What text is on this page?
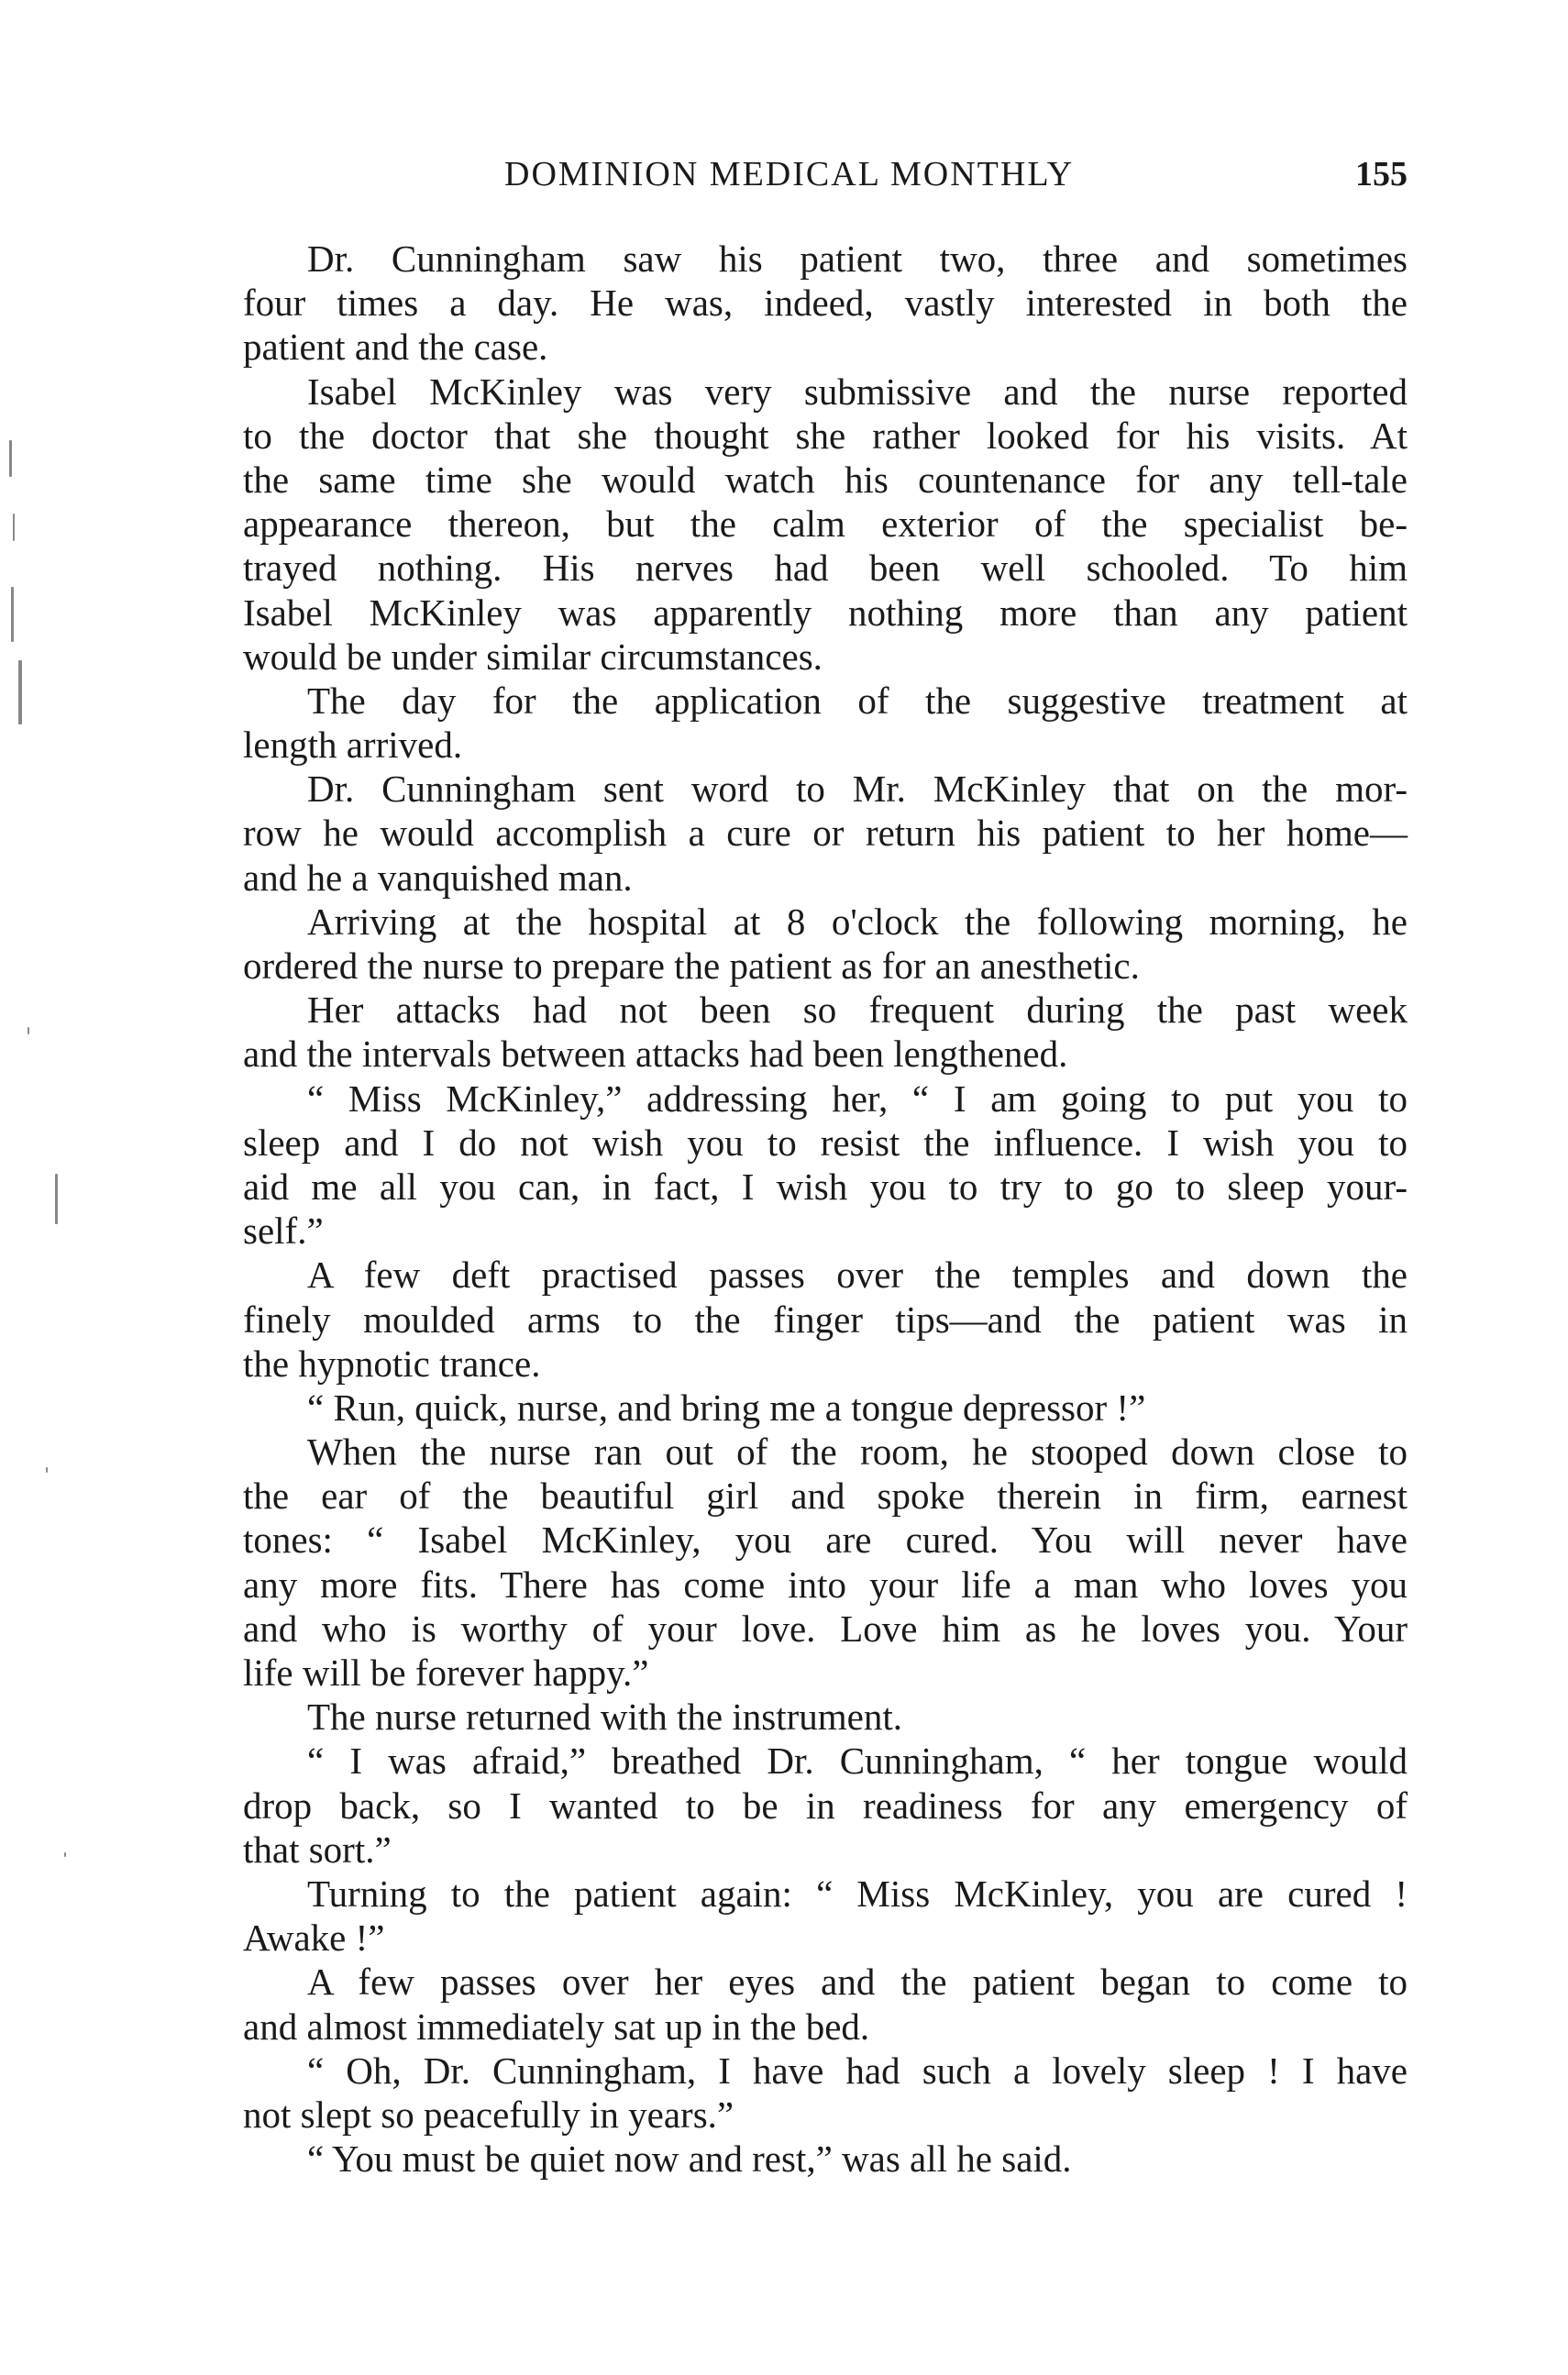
DOMINION MEDICAL MONTHLY	155
Dr. Cunningham saw his patient two, three and sometimes
four times a day. He was, indeed, vastly interested in both the
patient and the case.
Isabel McKinley was very submissive and the nurse reported
to the doctor that she thought she rather looked for his visits. At
the same time she would watch his countenance for any tell-tale
appearance thereon, but the calm exterior of the specialist be-
trayed nothing. His nerves had been well schooled. To him
Isabel McKinley was apparently nothing more than any patient
would be under similar circumstances.
The day for the application of the suggestive treatment at
length arrived.
Dr. Cunningham sent word to Mr. McKinley that on the mor-
row he would accomplish a cure or return his patient to her home—
and he a vanquished man.
Arriving at the hospital at 8 o'clock the following morning, he
ordered the nurse to prepare the patient as for an anesthetic.
Her attacks had not been so frequent during the past week
and the intervals between attacks had been lengthened.
“ Miss McKinley,” addressing her, “ I am going to put you to
sleep and I do not wish you to resist the influence. I wish you to
aid me all you can, in fact, I wish you to try to go to sleep your-
self.”
A few deft practised passes over the temples and down the
finely moulded arms to the finger tips—and the patient was in
the hypnotic trance.
“ Run, quick, nurse, and bring me a tongue depressor !”
When the nurse ran out of the room, he stooped down close to
the ear of the beautiful girl and spoke therein in firm, earnest
tones: “ Isabel McKinley, you are cured. You will never have
any more fits. There has come into your life a man who loves you
and who is worthy of your love. Love him as he loves you. Your
life will be forever happy.”
The nurse returned with the instrument.
“ I was afraid,” breathed Dr. Cunningham, “ her tongue would
drop back, so I wanted to be in readiness for any emergency of
that sort.”
Turning to the patient again: “ Miss McKinley, you are cured !
Awake !”
A few passes over her eyes and the patient began to come to
and almost immediately sat up in the bed.
“ Oh, Dr. Cunningham, I have had such a lovely sleep ! I have
not slept so peacefully in years.”
“ You must be quiet now and rest,” was all he said.
